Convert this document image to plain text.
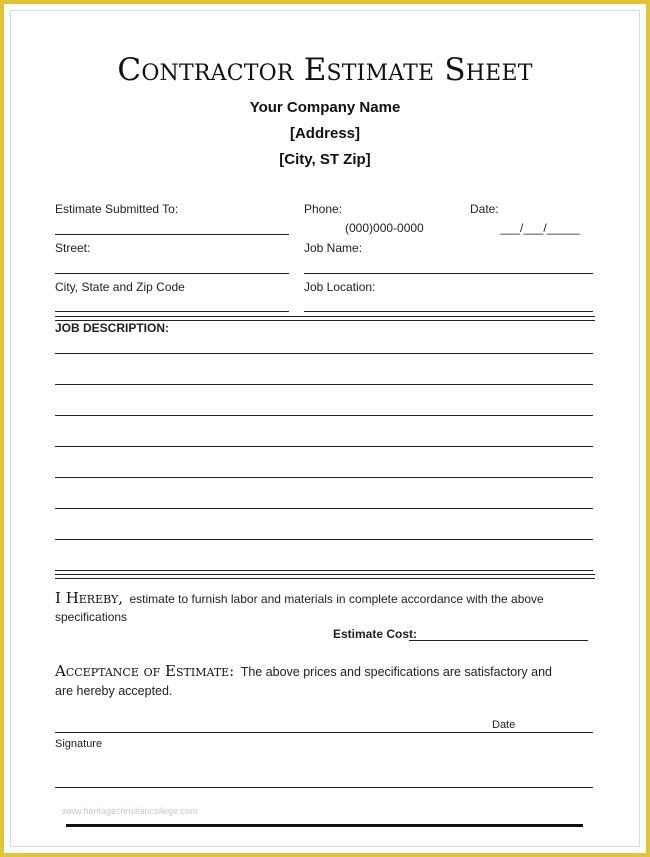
Contractor Estimate Sheet
Your Company Name
[Address]
[City, ST Zip]
Estimate Submitted To:	Phone:
(000)000-0000
Date:
___/___/_____
Street:	Job Name:
City, State and Zip Code	Job Location:
JOB DESCRIPTION:
I Hereby, estimate to furnish labor and materials in complete accordance with the above
specifications
Estimate Cost:
Acceptance of Estimate: The above prices and specifications are satisfactory and
are hereby accepted.
Date
Signature
www.heritagechristiancollege.com
